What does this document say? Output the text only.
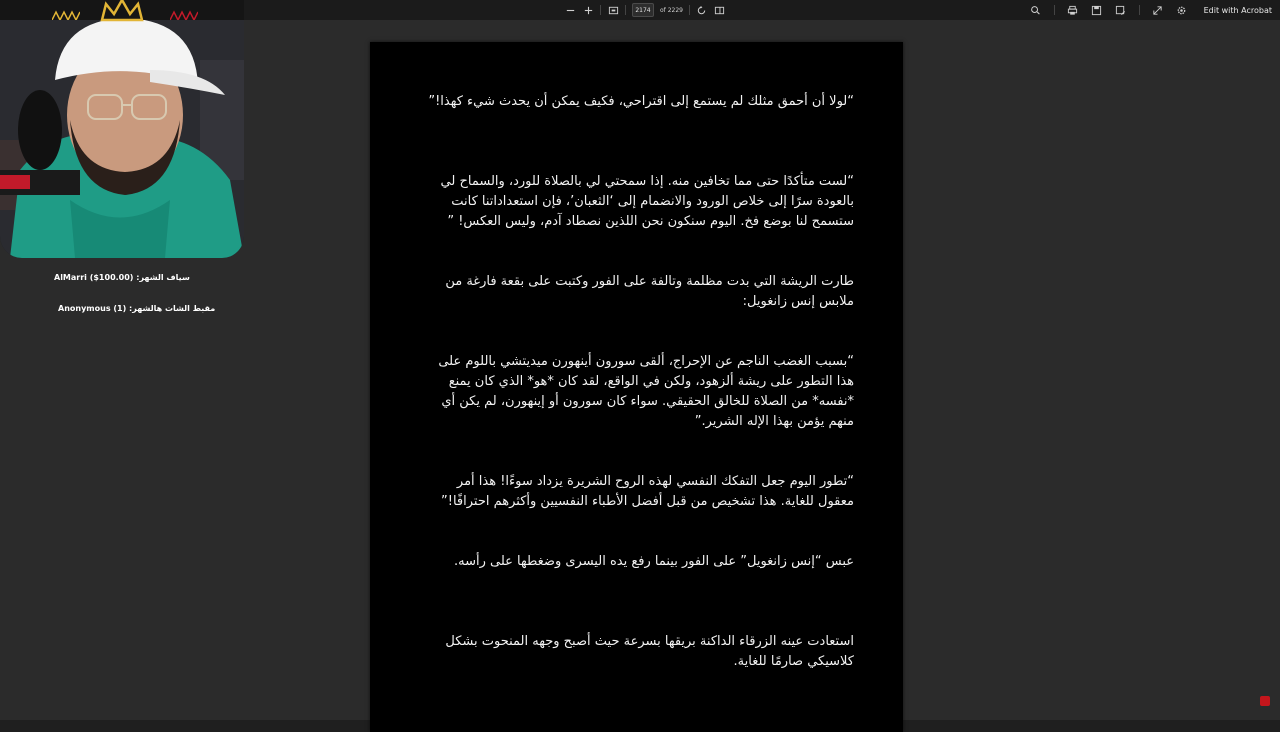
2174
of 2229	Edit with Acrobat

“لولا أن أحمق مثلك لم يستمع إلى اقتراحي، فكيف يمكن أن يحدث شيء كهذا!”

“لست متأكدًا حتى مما تخافين منه. إذا سمحتي لي بالصلاة للورد، والسماح لي بالعودة سرًا إلى خلاص الورود والانضمام إلى ‘الثعبان’، فإن استعداداتنا كانت ستسمح لنا بوضع فخ. اليوم سنكون نحن اللذين نصطاد آدم، وليس العكس! ”

طارت الريشة التي بدت مظلمة وتالفة على الفور وكتبت على بقعة فارغة من ملابس إنس زانغويل:

“بسبب الغضب الناجم عن الإحراج، ألقى سورون أينهورن ميديتشي باللوم على هذا التطور على ريشة ألزهود، ولكن في الواقع، لقد كان *هو* الذي كان يمنع *نفسه* من الصلاة للخالق الحقيقي. سواء كان سورون أو إينهورن، لم يكن أي منهم يؤمن بهذا الإله الشرير.”

“تطور اليوم جعل التفكك النفسي لهذه الروح الشريرة يزداد سوءًا! هذا أمر معقول للغاية. هذا تشخيص من قبل أفضل الأطباء النفسيين وأكثرهم احترافًا!”

عبس “إنس زانغويل” على الفور بينما رفع يده اليسرى وضغطها على رأسه.

استعادت عينه الزرقاء الداكنة بريقها بسرعة حيث أصبح وجهه المنحوت بشكل كلاسيكي صارمًا للغاية.

سياف الشهر: AlMarri ($100.00)
مقبط الشات هالشهر: Anonymous (1)
